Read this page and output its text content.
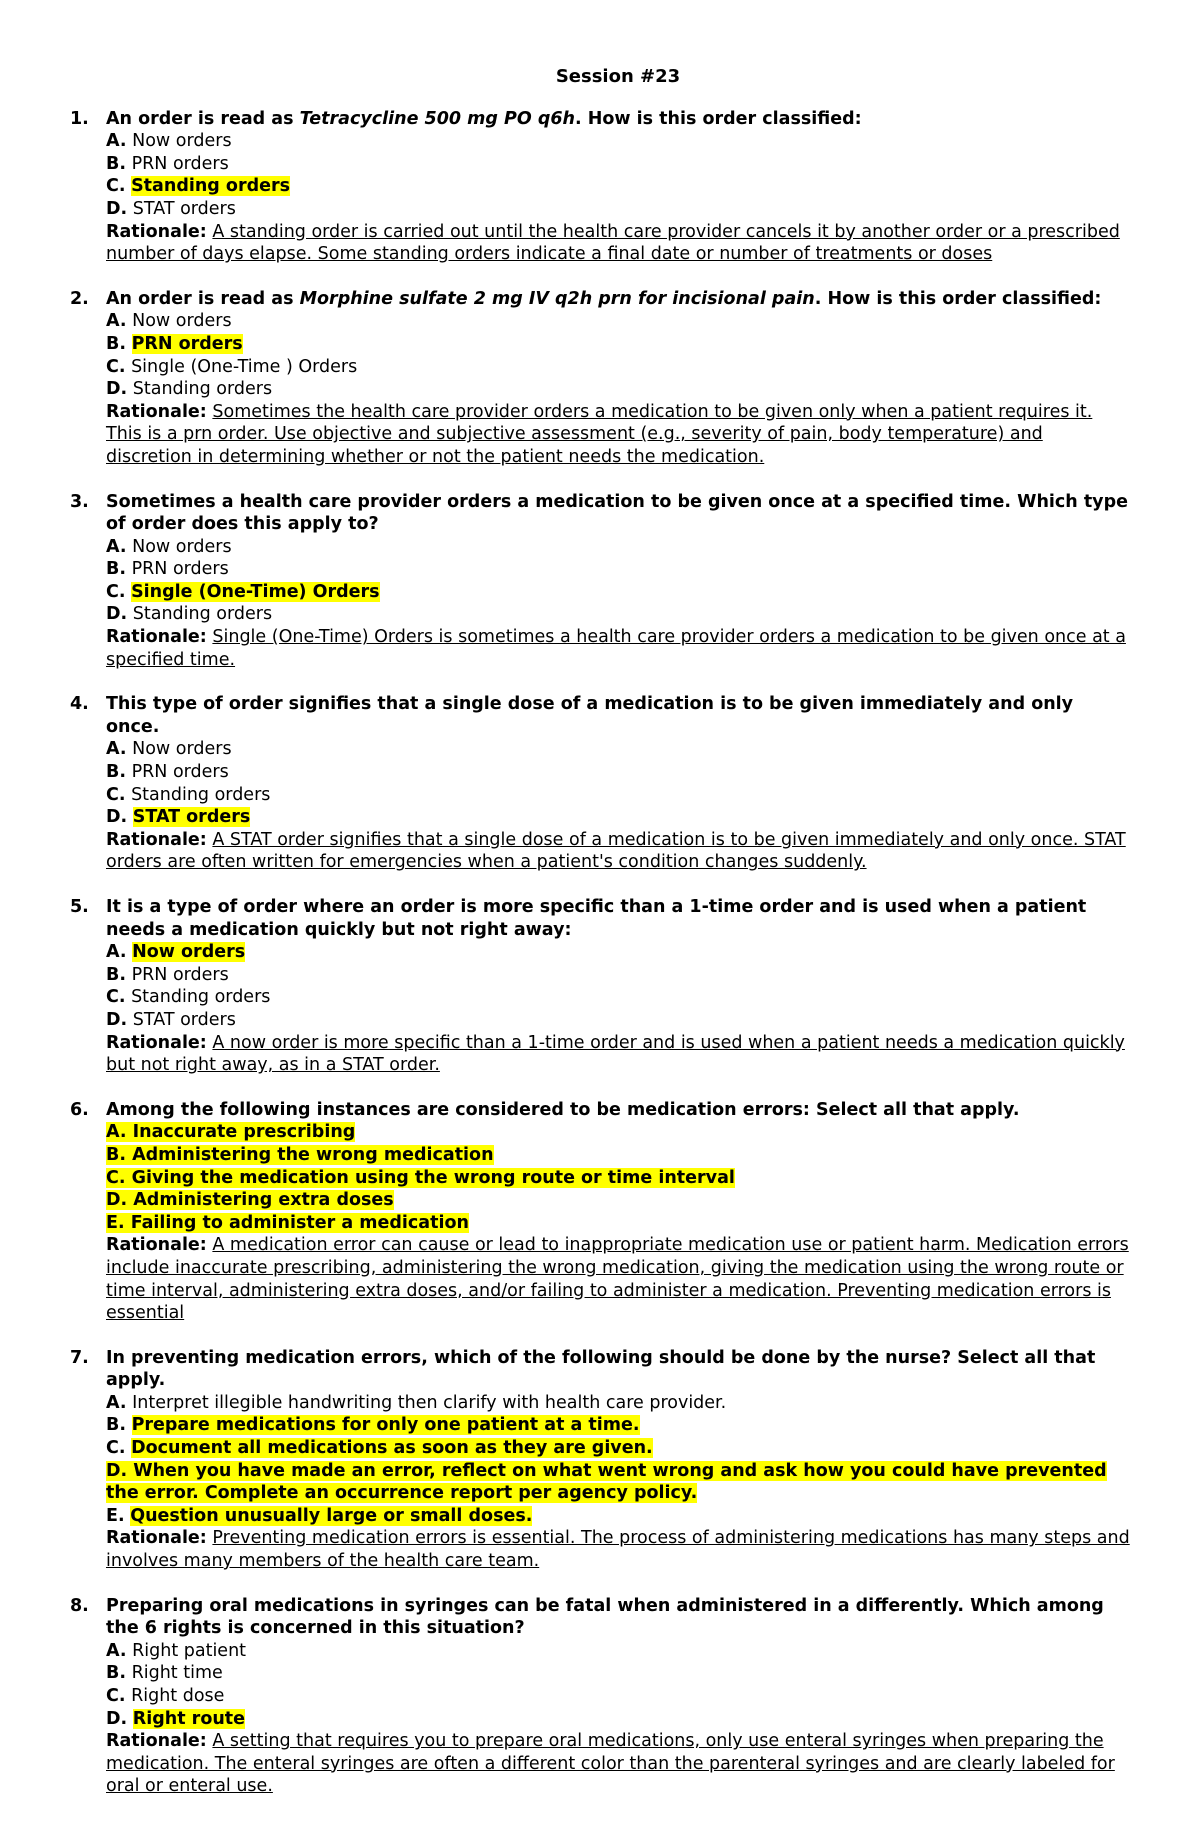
Session #23
1. An order is read as Tetracycline 500 mg PO q6h. How is this order classified:
A. Now orders
B. PRN orders
C. Standing orders
D. STAT orders
Rationale: A standing order is carried out until the health care provider cancels it by another order or a prescribed number of days elapse. Some standing orders indicate a final date or number of treatments or doses
2. An order is read as Morphine sulfate 2 mg IV q2h prn for incisional pain. How is this order classified:
A. Now orders
B. PRN orders
C. Single (One-Time ) Orders
D. Standing orders
Rationale: Sometimes the health care provider orders a medication to be given only when a patient requires it. This is a prn order. Use objective and subjective assessment (e.g., severity of pain, body temperature) and discretion in determining whether or not the patient needs the medication.
3. Sometimes a health care provider orders a medication to be given once at a specified time. Which type of order does this apply to?
A. Now orders
B. PRN orders
C. Single (One-Time) Orders
D. Standing orders
Rationale: Single (One-Time) Orders is sometimes a health care provider orders a medication to be given once at a specified time.
4. This type of order signifies that a single dose of a medication is to be given immediately and only once.
A. Now orders
B. PRN orders
C. Standing orders
D. STAT orders
Rationale: A STAT order signifies that a single dose of a medication is to be given immediately and only once. STAT orders are often written for emergencies when a patient's condition changes suddenly.
5. It is a type of order where an order is more specific than a 1-time order and is used when a patient needs a medication quickly but not right away:
A. Now orders
B. PRN orders
C. Standing orders
D. STAT orders
Rationale: A now order is more specific than a 1-time order and is used when a patient needs a medication quickly but not right away, as in a STAT order.
6. Among the following instances are considered to be medication errors: Select all that apply.
A. Inaccurate prescribing
B. Administering the wrong medication
C. Giving the medication using the wrong route or time interval
D. Administering extra doses
E. Failing to administer a medication
Rationale: A medication error can cause or lead to inappropriate medication use or patient harm. Medication errors include inaccurate prescribing, administering the wrong medication, giving the medication using the wrong route or time interval, administering extra doses, and/or failing to administer a medication. Preventing medication errors is essential
7. In preventing medication errors, which of the following should be done by the nurse? Select all that apply.
A. Interpret illegible handwriting then clarify with health care provider.
B. Prepare medications for only one patient at a time.
C. Document all medications as soon as they are given.
D. When you have made an error, reflect on what went wrong and ask how you could have prevented the error. Complete an occurrence report per agency policy.
E. Question unusually large or small doses.
Rationale: Preventing medication errors is essential. The process of administering medications has many steps and involves many members of the health care team.
8. Preparing oral medications in syringes can be fatal when administered in a differently. Which among the 6 rights is concerned in this situation?
A. Right patient
B. Right time
C. Right dose
D. Right route
Rationale: A setting that requires you to prepare oral medications, only use enteral syringes when preparing the medication. The enteral syringes are often a different color than the parenteral syringes and are clearly labeled for oral or enteral use.
